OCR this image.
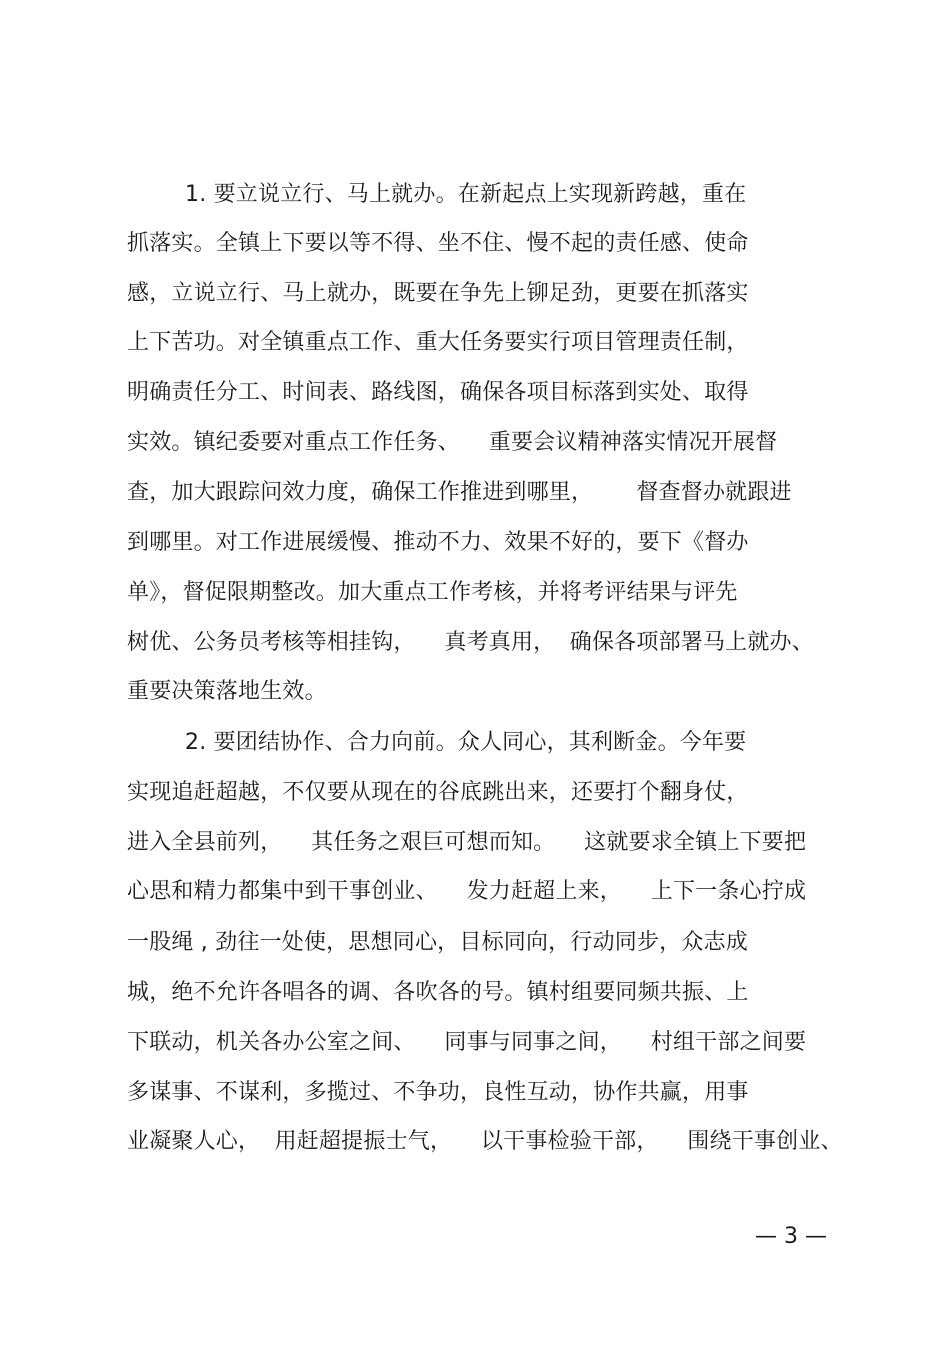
1. 要立说立行、马上就办。在新起点上实现新跨越，重在
抓落实。全镇上下要以等不得、坐不住、慢不起的责任感、使命
感，立说立行、马上就办，既要在争先上铆足劲，更要在抓落实
上下苦功。对全镇重点工作、重大任务要实行项目管理责任制，
明确责任分工、时间表、路线图，确保各项目标落到实处、取得
实效。镇纪委要对重点工作任务、    重要会议精神落实情况开展督
查，加大跟踪问效力度，确保工作推进到哪里，      督查督办就跟进
到哪里。对工作进展缓慢、推动不力、效果不好的，要下《督办
单》，督促限期整改。加大重点工作考核，并将考评结果与评先
树优、公务员考核等相挂钩，    真考真用，  确保各项部署马上就办、
重要决策落地生效。
2. 要团结协作、合力向前。众人同心，其利断金。今年要
实现追赶超越，不仅要从现在的谷底跳出来，还要打个翻身仗，
进入全县前列，    其任务之艰巨可想而知。    这就要求全镇上下要把
心思和精力都集中到干事创业、    发力赶超上来，    上下一条心拧成
一股绳 , 劲往一处使，思想同心，目标同向，行动同步，众志成
城，绝不允许各唱各的调、各吹各的号。镇村组要同频共振、上
下联动，机关各办公室之间、    同事与同事之间，    村组干部之间要
多谋事、不谋利，多揽过、不争功，良性互动，协作共赢，用事
业凝聚人心，  用赶超提振士气，    以干事检验干部，    围绕干事创业、
— 3 —
